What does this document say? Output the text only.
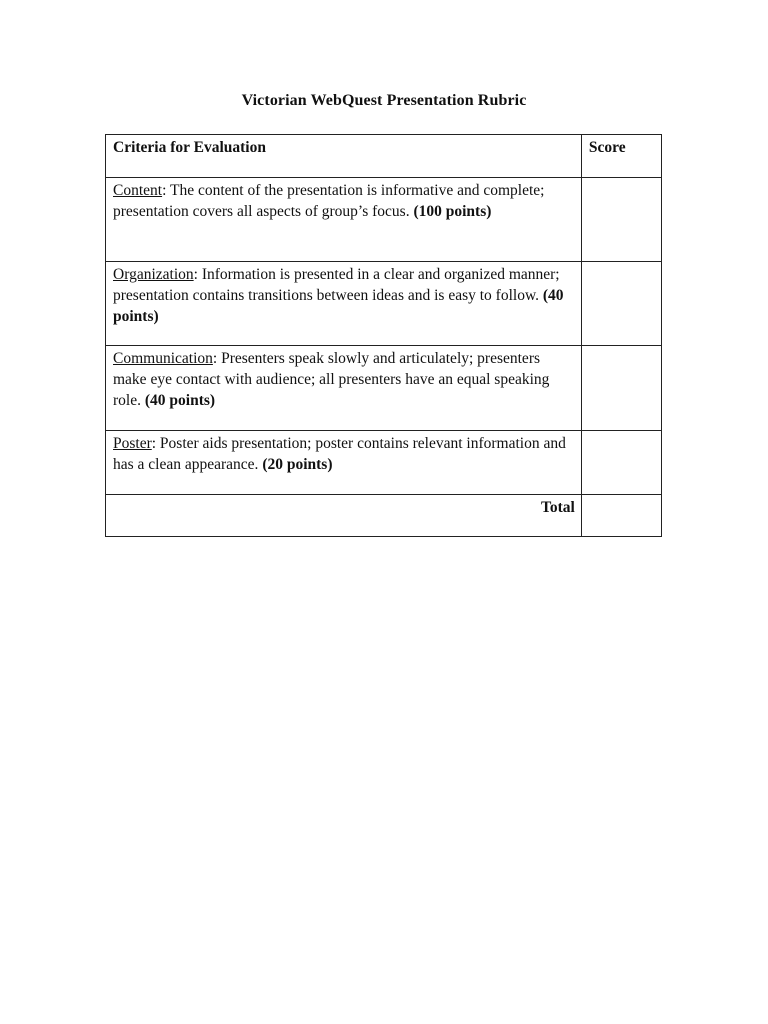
Victorian WebQuest Presentation Rubric
Criteria for Evaluation	Score
Content: The content of the presentation is informative and complete; presentation covers all aspects of group’s focus. (100 points)	
Organization: Information is presented in a clear and organized manner; presentation contains transitions between ideas and is easy to follow. (40 points)	
Communication: Presenters speak slowly and articulately; presenters make eye contact with audience; all presenters have an equal speaking role. (40 points)	
Poster: Poster aids presentation; poster contains relevant information and has a clean appearance. (20 points)	
Total	
